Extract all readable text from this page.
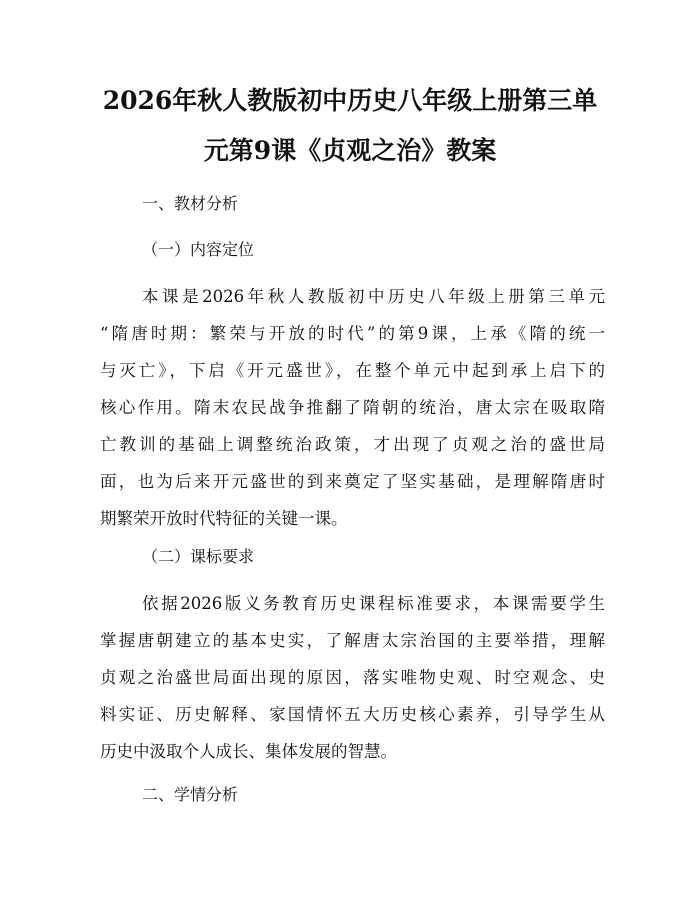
2026年秋人教版初中历史八年级上册第三单
元第9课《贞观之治》教案
一、教材分析
（一）内容定位
本课是2026年秋人教版初中历史八年级上册第三单元
“隋唐时期：繁荣与开放的时代”的第9课，上承《隋的统一
与灭亡》，下启《开元盛世》，在整个单元中起到承上启下的
核心作用。隋末农民战争推翻了隋朝的统治，唐太宗在吸取隋
亡教训的基础上调整统治政策，才出现了贞观之治的盛世局
面，也为后来开元盛世的到来奠定了坚实基础，是理解隋唐时
期繁荣开放时代特征的关键一课。
（二）课标要求
依据2026版义务教育历史课程标准要求，本课需要学生
掌握唐朝建立的基本史实，了解唐太宗治国的主要举措，理解
贞观之治盛世局面出现的原因，落实唯物史观、时空观念、史
料实证、历史解释、家国情怀五大历史核心素养，引导学生从
历史中汲取个人成长、集体发展的智慧。
二、学情分析
